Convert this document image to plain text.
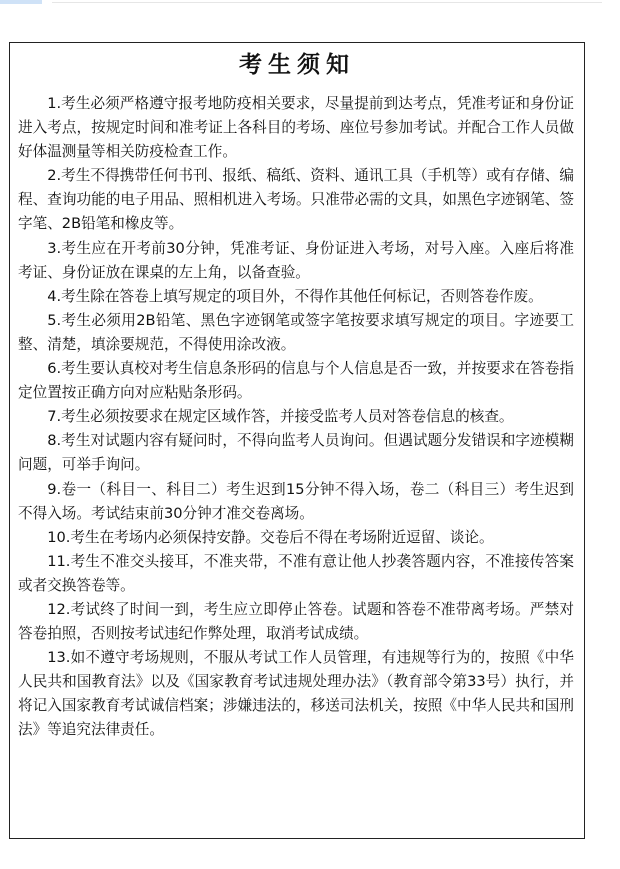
考生须知

1.考生必须严格遵守报考地防疫相关要求，尽量提前到达考点，凭准考证和身份证进入考点，按规定时间和准考证上各科目的考场、座位号参加考试。并配合工作人员做好体温测量等相关防疫检查工作。

2.考生不得携带任何书刊、报纸、稿纸、资料、通讯工具（手机等）或有存储、编程、查询功能的电子用品、照相机进入考场。只准带必需的文具，如黑色字迹钢笔、签字笔、2B铅笔和橡皮等。

3.考生应在开考前30分钟，凭准考证、身份证进入考场，对号入座。入座后将准考证、身份证放在课桌的左上角，以备查验。

4.考生除在答卷上填写规定的项目外，不得作其他任何标记，否则答卷作废。

5.考生必须用2B铅笔、黑色字迹钢笔或签字笔按要求填写规定的项目。字迹要工整、清楚，填涂要规范，不得使用涂改液。

6.考生要认真校对考生信息条形码的信息与个人信息是否一致，并按要求在答卷指定位置按正确方向对应粘贴条形码。

7.考生必须按要求在规定区域作答，并接受监考人员对答卷信息的核查。

8.考生对试题内容有疑问时，不得向监考人员询问。但遇试题分发错误和字迹模糊问题，可举手询问。

9.卷一（科目一、科目二）考生迟到15分钟不得入场，卷二（科目三）考生迟到不得入场。考试结束前30分钟才准交卷离场。

10.考生在考场内必须保持安静。交卷后不得在考场附近逗留、谈论。

11.考生不准交头接耳，不准夹带，不准有意让他人抄袭答题内容，不准接传答案或者交换答卷等。

12.考试终了时间一到，考生应立即停止答卷。试题和答卷不准带离考场。严禁对答卷拍照，否则按考试违纪作弊处理，取消考试成绩。

13.如不遵守考场规则，不服从考试工作人员管理，有违规等行为的，按照《中华人民共和国教育法》以及《国家教育考试违规处理办法》（教育部令第33号）执行，并将记入国家教育考试诚信档案；涉嫌违法的，移送司法机关，按照《中华人民共和国刑法》等追究法律责任。
